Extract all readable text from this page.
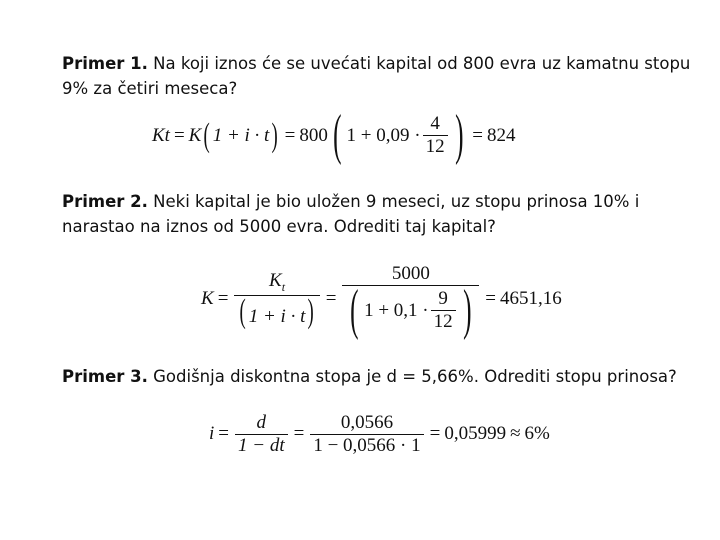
Primer 1. Na koji iznos će se uvećati kapital od 800 evra uz kamatnu stopu 9% za četiri meseca?
Kt = K ( 1 + i · t ) = 800 ( $1 + 0,09 \cdot \frac{4}{12}$ ) = 824
Primer 2. Neki kapital je bio uložen 9 meseci, uz stopu prinosa 10% i narastao na iznos od 5000 evra. Odrediti taj kapital?
$K = \frac{K_t}{( 1 + i \cdot t)}$ =
5000
( $1 + 0,1 \cdot \frac{9}{12}$ ) = 4651,16
Primer 3. Godišnja diskontna stopa je d = 5,66%. Odrediti stopu prinosa?
$i = \frac{d}{1 - dt} = \frac{0,0566}{1 - 0,0566 \cdot 1} = 0,05999 \approx 6\%$
